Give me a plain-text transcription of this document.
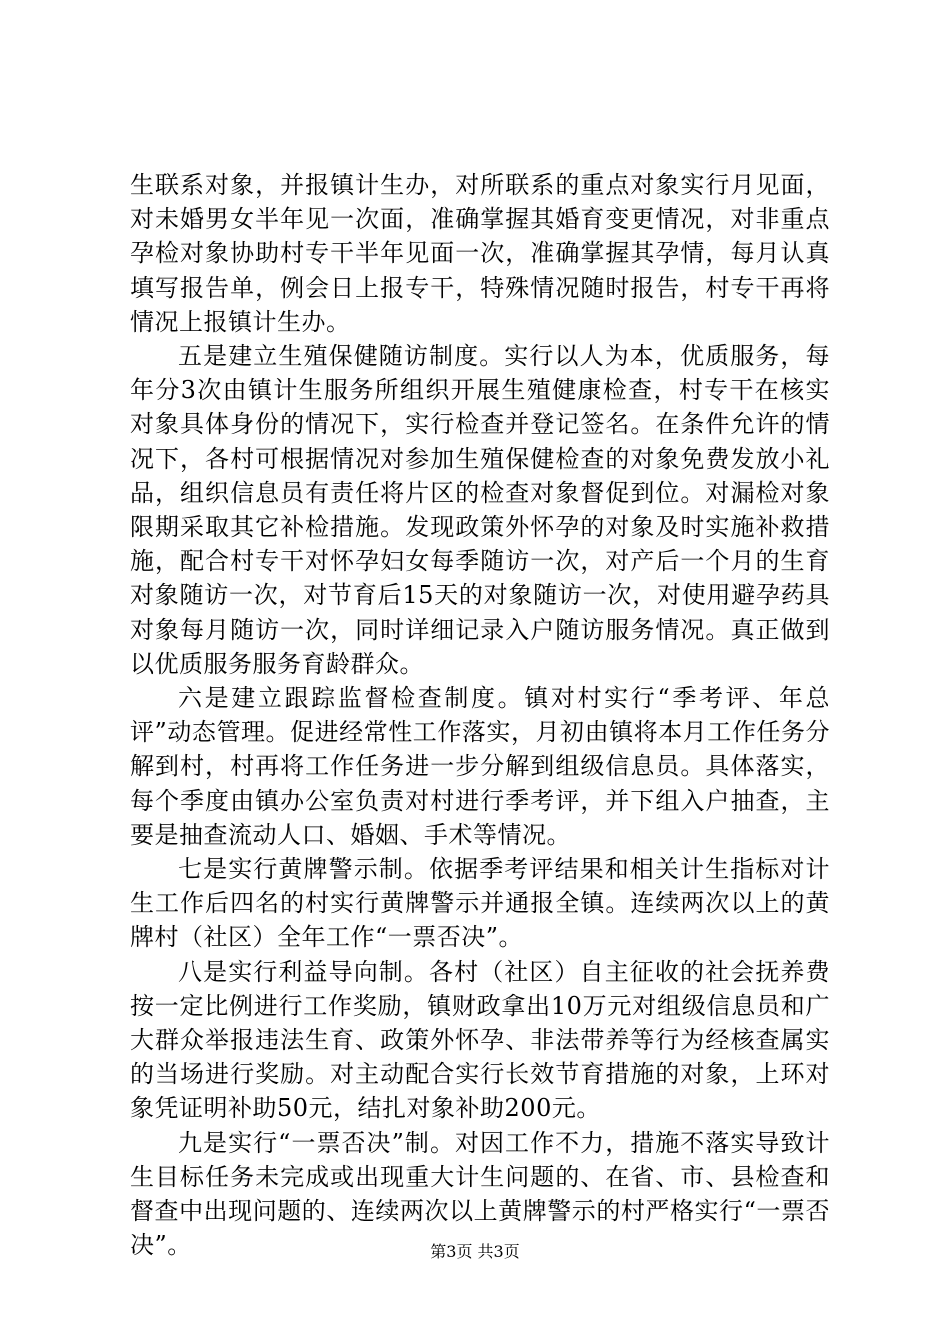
生联系对象，并报镇计生办，对所联系的重点对象实行月见面，对未婚男女半年见一次面，准确掌握其婚育变更情况，对非重点孕检对象协助村专干半年见面一次，准确掌握其孕情，每月认真填写报告单，例会日上报专干，特殊情况随时报告，村专干再将情况上报镇计生办。

五是建立生殖保健随访制度。实行以人为本，优质服务，每年分3次由镇计生服务所组织开展生殖健康检查，村专干在核实对象具体身份的情况下，实行检查并登记签名。在条件允许的情况下，各村可根据情况对参加生殖保健检查的对象免费发放小礼品，组织信息员有责任将片区的检查对象督促到位。对漏检对象限期采取其它补检措施。发现政策外怀孕的对象及时实施补救措施，配合村专干对怀孕妇女每季随访一次，对产后一个月的生育对象随访一次，对节育后15天的对象随访一次，对使用避孕药具对象每月随访一次，同时详细记录入户随访服务情况。真正做到以优质服务服务育龄群众。

六是建立跟踪监督检查制度。镇对村实行“季考评、年总评”动态管理。促进经常性工作落实，月初由镇将本月工作任务分解到村，村再将工作任务进一步分解到组级信息员。具体落实，每个季度由镇办公室负责对村进行季考评，并下组入户抽查，主要是抽查流动人口、婚姻、手术等情况。

七是实行黄牌警示制。依据季考评结果和相关计生指标对计生工作后四名的村实行黄牌警示并通报全镇。连续两次以上的黄牌村（社区）全年工作“一票否决”。

八是实行利益导向制。各村（社区）自主征收的社会抚养费按一定比例进行工作奖励，镇财政拿出10万元对组级信息员和广大群众举报违法生育、政策外怀孕、非法带养等行为经核查属实的当场进行奖励。对主动配合实行长效节育措施的对象，上环对象凭证明补助50元，结扎对象补助200元。

九是实行“一票否决”制。对因工作不力，措施不落实导致计生目标任务未完成或出现重大计生问题的、在省、市、县检查和督查中出现问题的、连续两次以上黄牌警示的村严格实行“一票否决”。	第3页 共3页
